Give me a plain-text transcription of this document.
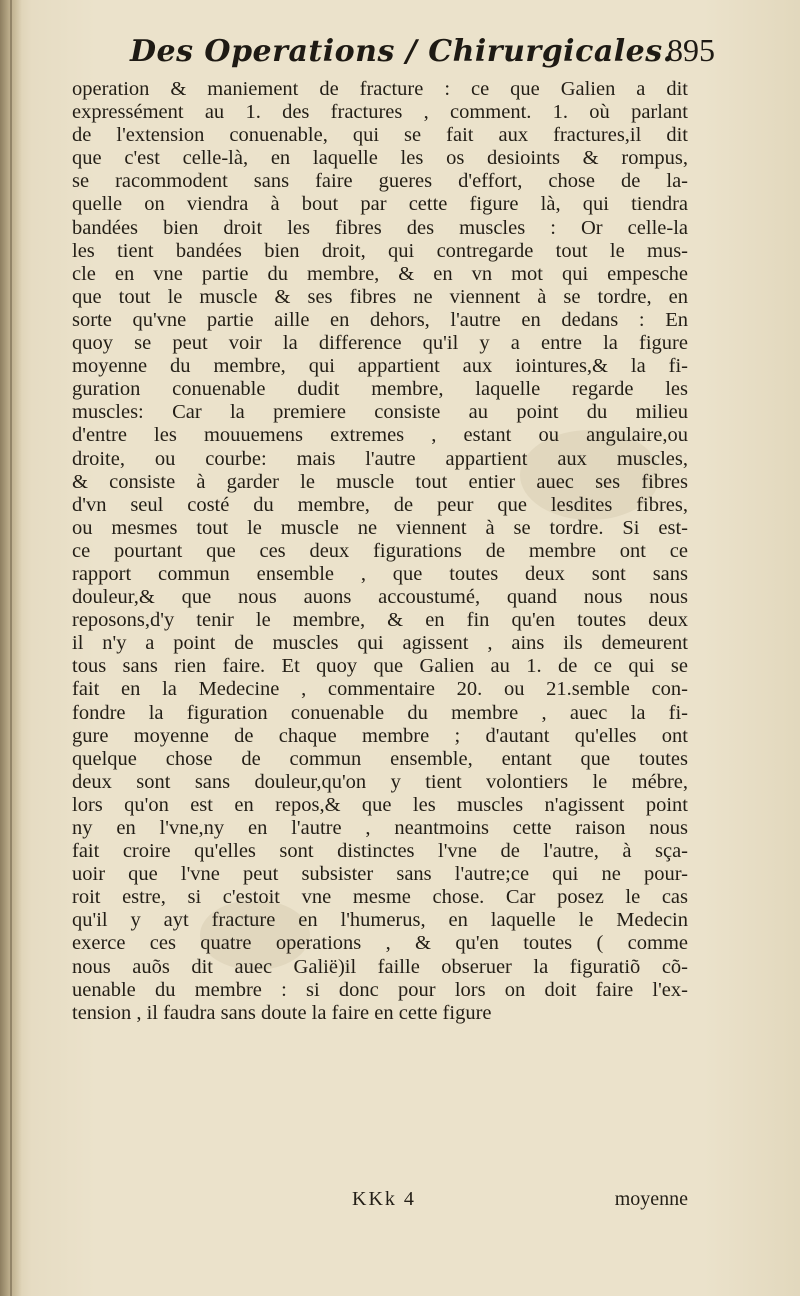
Des Operations / Chirurgicales.
895
operation & maniement de fracture : ce que Galien a dit
expressément au 1. des fractures , comment. 1. où parlant
de l'extension conuenable, qui se fait aux fractures,il dit
que c'est celle-là, en laquelle les os desioints & rompus,
se racommodent sans faire gueres d'effort, chose de la-
quelle on viendra à bout par cette figure là, qui tiendra
bandées bien droit les fibres des muscles : Or celle-la
les tient bandées bien droit, qui contregarde tout le mus-
cle en vne partie du membre, & en vn mot qui empesche
que tout le muscle & ses fibres ne viennent à se tordre, en
sorte qu'vne partie aille en dehors, l'autre en dedans : En
quoy se peut voir la difference qu'il y a entre la figure
moyenne du membre, qui appartient aux iointures,& la fi-
guration conuenable dudit membre, laquelle regarde les
muscles: Car la premiere consiste au point du milieu
d'entre les mouuemens extremes , estant ou angulaire,ou
droite, ou courbe: mais l'autre appartient aux muscles,
& consiste à garder le muscle tout entier auec ses fibres
d'vn seul costé du membre, de peur que lesdites fibres,
ou mesmes tout le muscle ne viennent à se tordre. Si est-
ce pourtant que ces deux figurations de membre ont ce
rapport commun ensemble , que toutes deux sont sans
douleur,& que nous auons accoustumé, quand nous nous
reposons,d'y tenir le membre, & en fin qu'en toutes deux
il n'y a point de muscles qui agissent , ains ils demeurent
tous sans rien faire. Et quoy que Galien au 1. de ce qui se
fait en la Medecine , commentaire 20. ou 21.semble con-
fondre la figuration conuenable du membre , auec la fi-
gure moyenne de chaque membre ; d'autant qu'elles ont
quelque chose de commun ensemble, entant que toutes
deux sont sans douleur,qu'on y tient volontiers le mébre,
lors qu'on est en repos,& que les muscles n'agissent point
ny en l'vne,ny en l'autre , neantmoins cette raison nous
fait croire qu'elles sont distinctes l'vne de l'autre, à sça-
uoir que l'vne peut subsister sans l'autre;ce qui ne pour-
roit estre, si c'estoit vne mesme chose. Car posez le cas
qu'il y ayt fracture en l'humerus, en laquelle le Medecin
exerce ces quatre operations , & qu'en toutes ( comme
nous auõs dit auec Galië)il faille obseruer la figuratiõ cõ-
uenable du membre : si donc pour lors on doit faire l'ex-
tension , il faudra sans doute la faire en cette figure
KKk 4	moyenne
